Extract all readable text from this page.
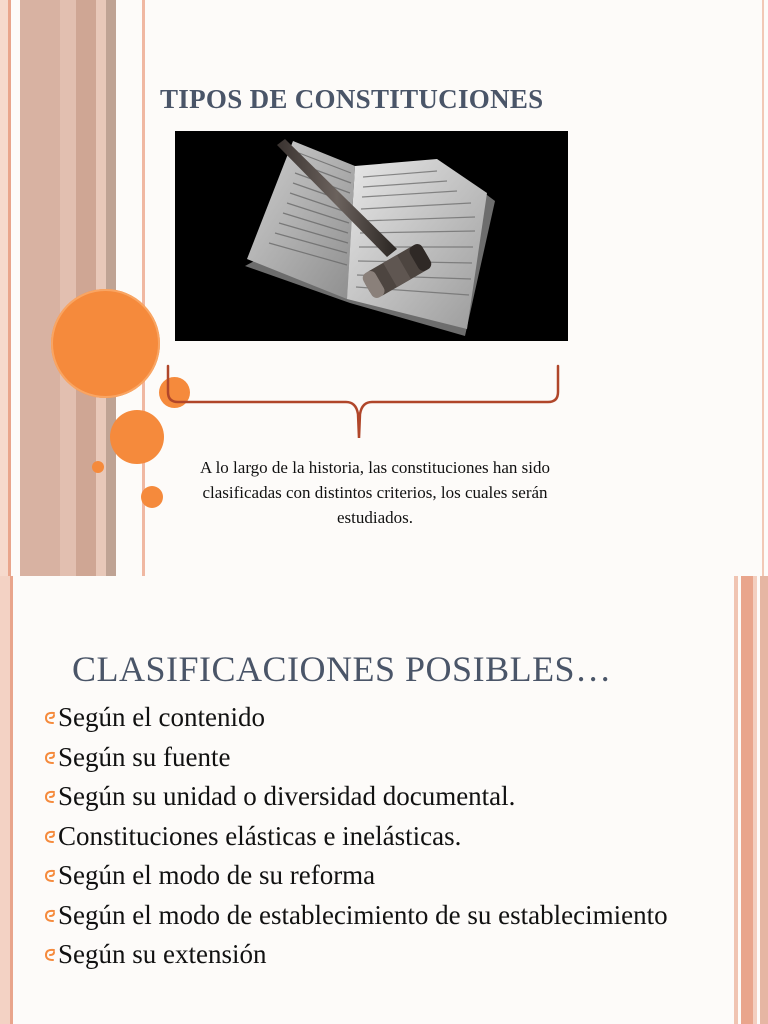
TIPOS DE CONSTITUCIONES
A lo largo de la historia, las constituciones han sido clasificadas con distintos criterios, los cuales serán estudiados.
CLASIFICACIONES POSIBLES…
Según el contenido
Según su fuente
Según su unidad o diversidad documental.
Constituciones elásticas e inelásticas.
Según el modo de su reforma
Según el modo de establecimiento de su establecimiento
Según su extensión
